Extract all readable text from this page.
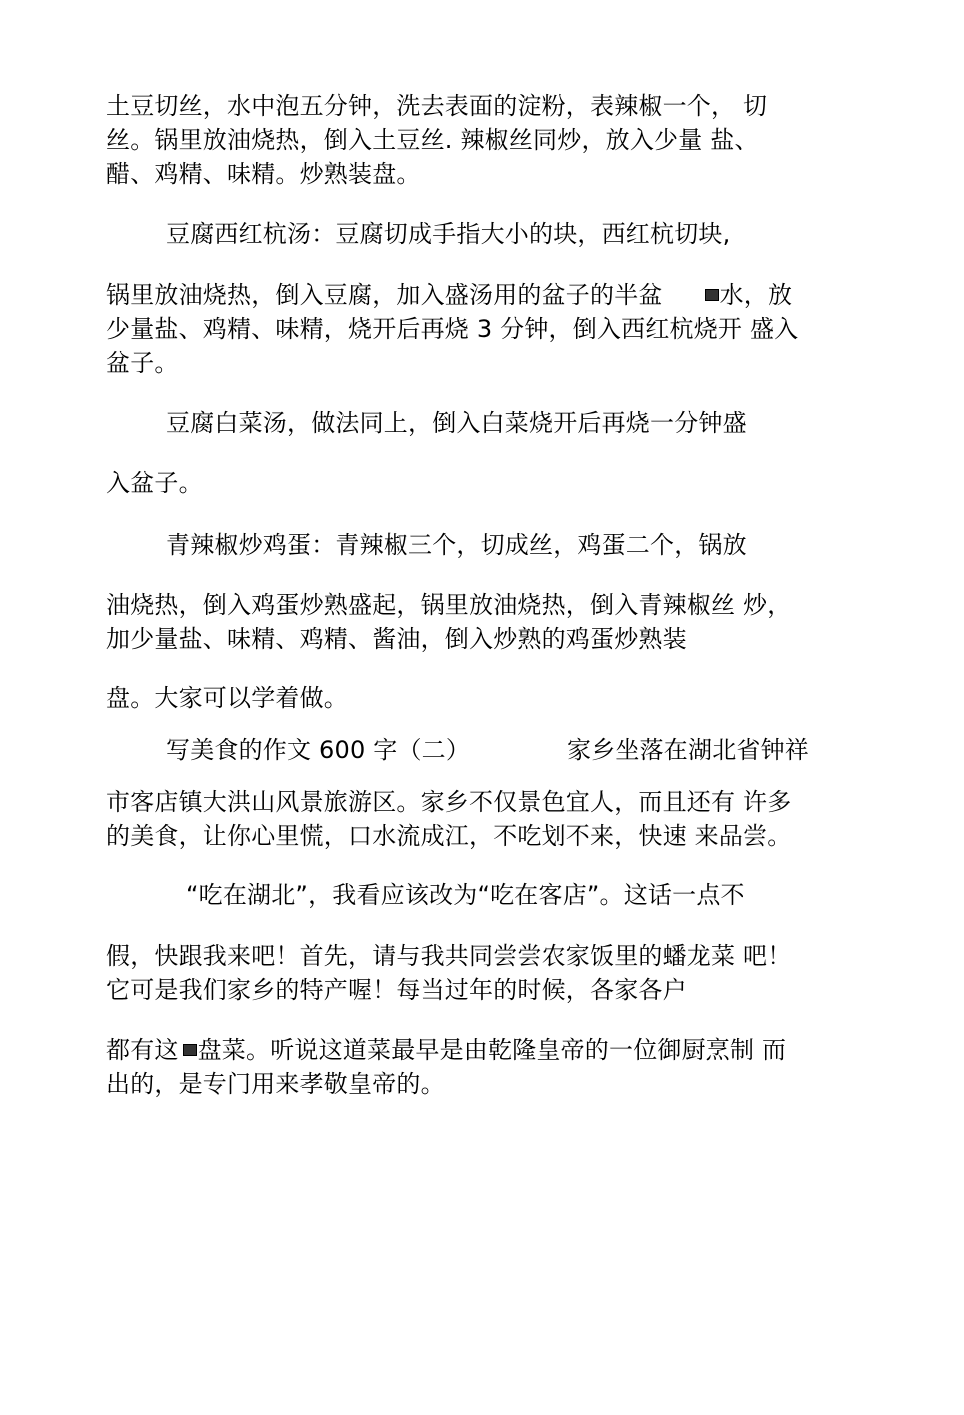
土豆切丝，水中泡五分钟，洗去表面的淀粉，表辣椒一个， 切
丝。锅里放油烧热，倒入土豆丝. 辣椒丝同炒，放入少量 盐、
醋、鸡精、味精。炒熟装盘。
豆腐西红杭汤：豆腐切成手指大小的块，西红杭切块,
锅里放油烧热，倒入豆腐，加入盛汤用的盆子的半盆 水，放
少量盐、鸡精、味精，烧开后再烧 3 分钟，倒入西红杭烧开 盛入
盆子。
豆腐白菜汤，做法同上，倒入白菜烧开后再烧一分钟盛
入盆子。
青辣椒炒鸡蛋：青辣椒三个，切成丝，鸡蛋二个，锅放
油烧热，倒入鸡蛋炒熟盛起，锅里放油烧热，倒入青辣椒丝 炒，
加少量盐、味精、鸡精、酱油，倒入炒熟的鸡蛋炒熟装
盘。大家可以学着做。
写美食的作文 600 字（二）	家乡坐落在湖北省钟祥
市客店镇大洪山风景旅游区。家乡不仅景色宜人，而且还有 许多
的美食，让你心里慌，口水流成江，不吃划不来，快速 来品尝。
“吃在湖北”，我看应该改为“吃在客店”。这话一点不
假，快跟我来吧！首先，请与我共同尝尝农家饭里的蟠龙菜 吧！
它可是我们家乡的特产喔！每当过年的时候，各家各户
都有这 盘菜。听说这道菜最早是由乾隆皇帝的一位御厨烹制 而
出的，是专门用来孝敬皇帝的。
